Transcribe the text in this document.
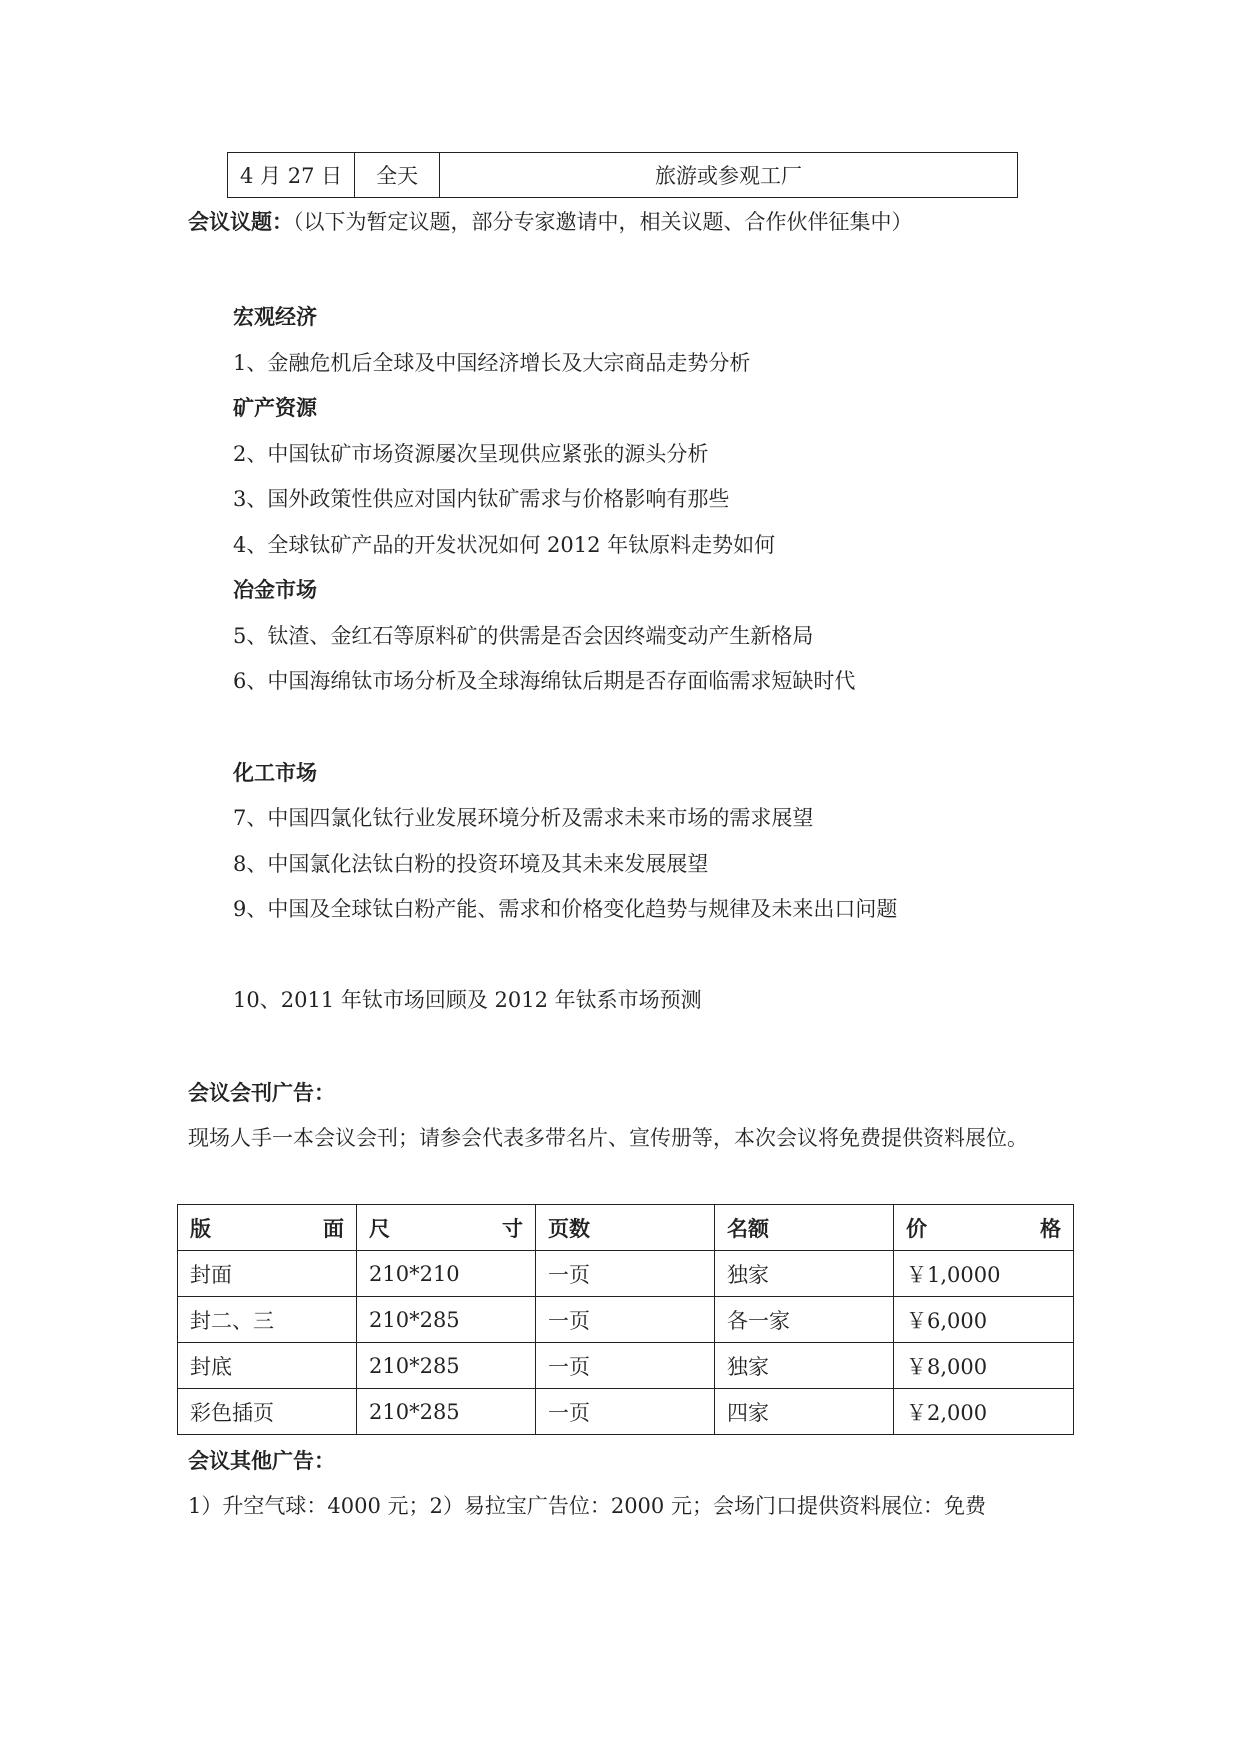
4 月 27 日	全天	旅游或参观工厂
会议议题：（以下为暂定议题，部分专家邀请中，相关议题、合作伙伴征集中）
宏观经济
1、金融危机后全球及中国经济增长及大宗商品走势分析
矿产资源
2、中国钛矿市场资源屡次呈现供应紧张的源头分析
3、国外政策性供应对国内钛矿需求与价格影响有那些
4、全球钛矿产品的开发状况如何 2012 年钛原料走势如何
冶金市场
5、钛渣、金红石等原料矿的供需是否会因终端变动产生新格局
6、中国海绵钛市场分析及全球海绵钛后期是否存面临需求短缺时代
化工市场
7、中国四氯化钛行业发展环境分析及需求未来市场的需求展望
8、中国氯化法钛白粉的投资环境及其未来发展展望
9、中国及全球钛白粉产能、需求和价格变化趋势与规律及未来出口问题
10、2011 年钛市场回顾及 2012 年钛系市场预测
会议会刊广告：
现场人手一本会议会刊；请参会代表多带名片、宣传册等，本次会议将免费提供资料展位。
版 面	尺 寸	页数	名额	价 格

封面	210*210	一页	独家	￥1,0000
封二、三	210*285	一页	各一家	￥6,000
封底	210*285	一页	独家	￥8,000
彩色插页	210*285	一页	四家	￥2,000
会议其他广告：
1）升空气球：4000 元；2）易拉宝广告位：2000 元；会场门口提供资料展位：免费
